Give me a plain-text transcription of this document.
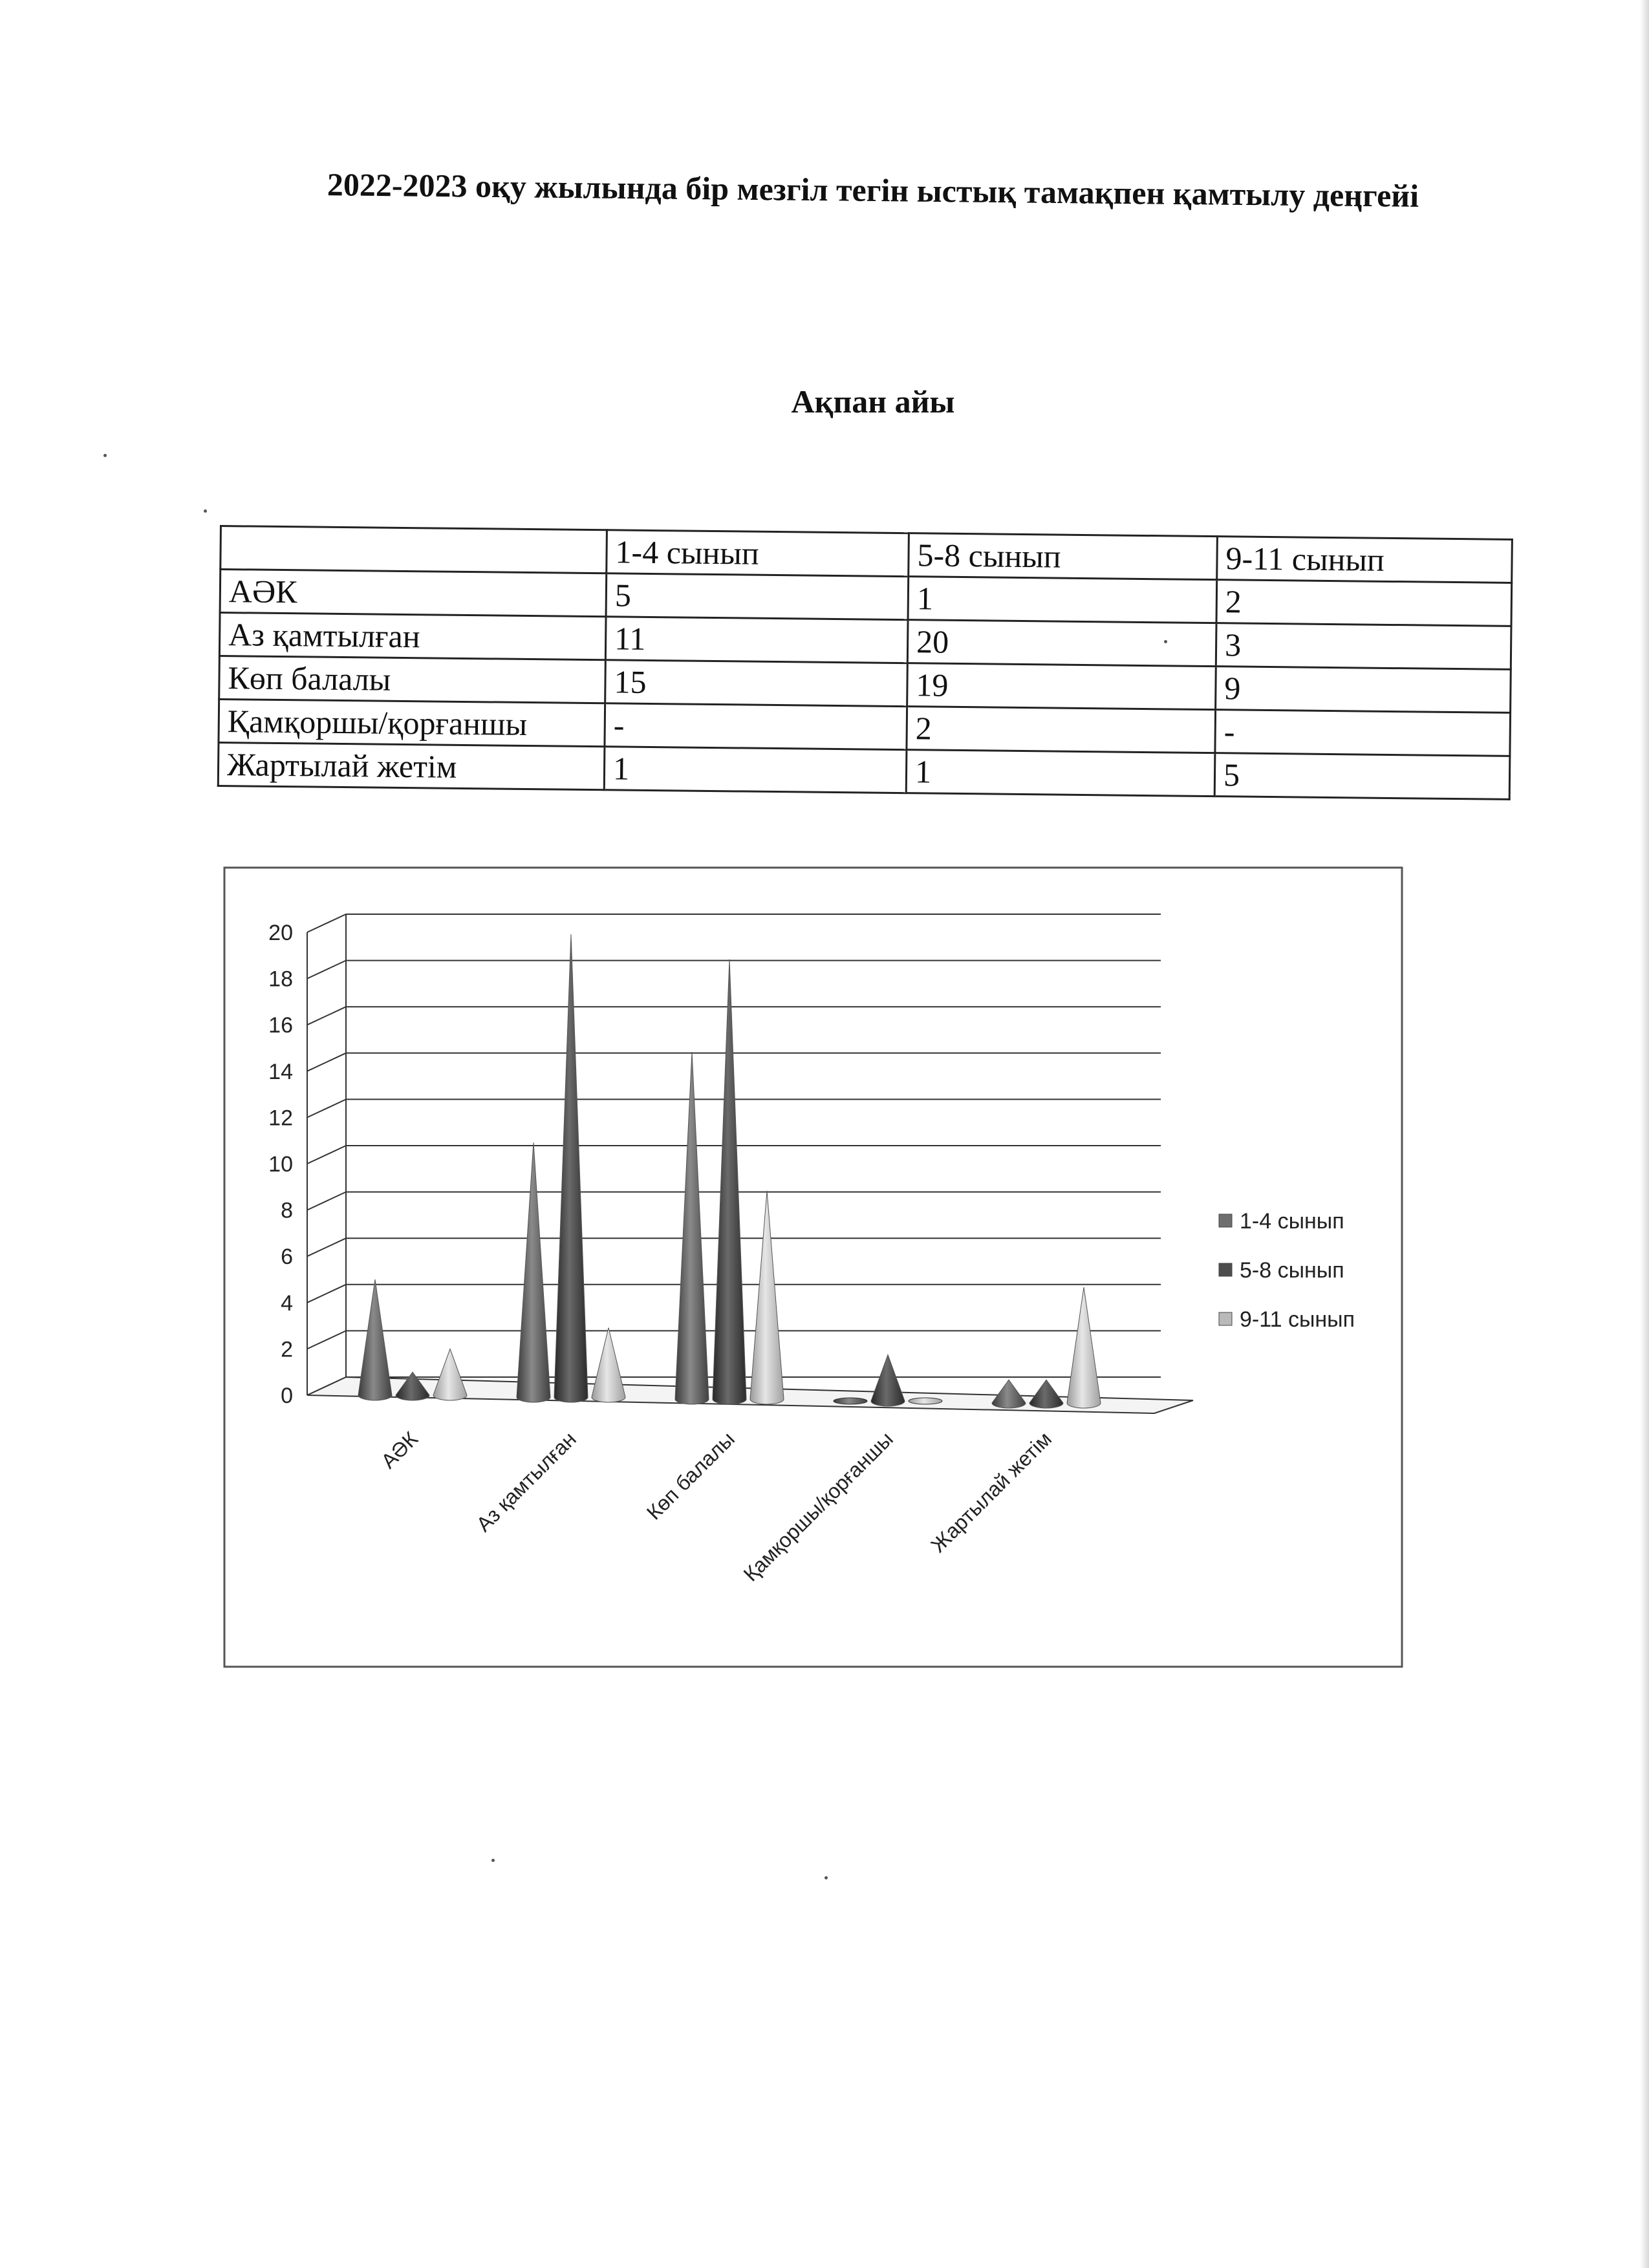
2022-2023 оқу жылында бір мезгіл тегін ыстық тамақпен қамтылу деңгейі
Ақпан айы
	1-4 сынып	5-8 сынып	9-11 сынып
АӘК	5	1	2
Аз қамтылған	11	20	3
Көп балалы	15	19	9
Қамқоршы/қорғаншы	-	2	-
Жартылай жетім	1	1	5
0
2
4
6
8
10
12
14
16
18
20
АӘК Аз қамтылған	Көп балалы Қамқоршы/қорғаншы Жартылай жетім
1-4 сынып
5-8 сынып
9-11 сынып
